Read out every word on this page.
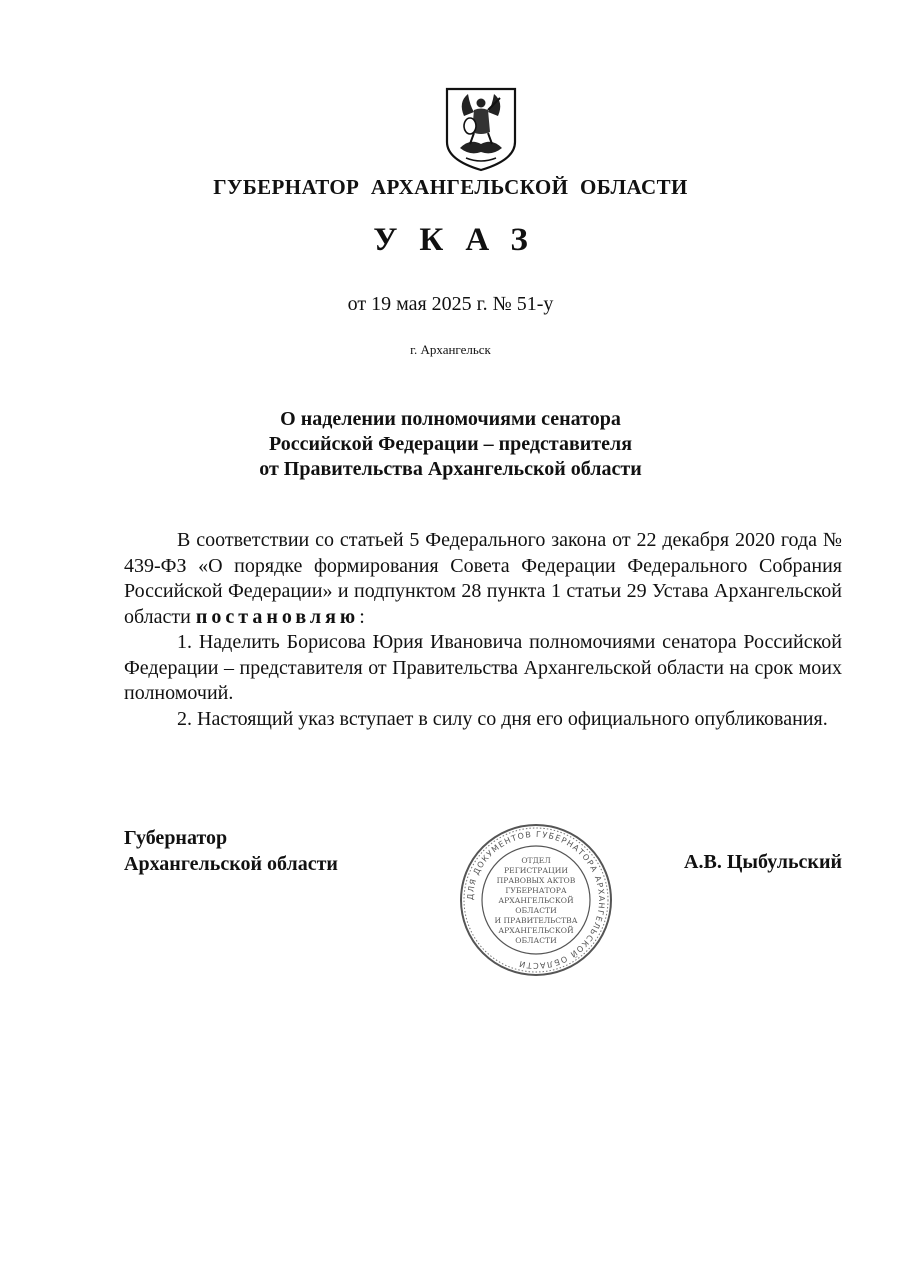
ГУБЕРНАТОР АРХАНГЕЛЬСКОЙ ОБЛАСТИ
УКАЗ
от 19 мая 2025 г. № 51-у
г. Архангельск
О наделении полномочиями сенатора
Российской Федерации – представителя
от Правительства Архангельской области

В соответствии со статьей 5 Федерального закона от 22 декабря 2020 года № 439-ФЗ «О порядке формирования Совета Федерации Федерального Собрания Российской Федерации» и подпунктом 28 пункта 1 статьи 29 Устава Архангельской области постановляю:

1. Наделить Борисова Юрия Ивановича полномочиями сенатора Российской Федерации – представителя от Правительства Архангельской области на срок моих полномочий.

2. Настоящий указ вступает в силу со дня его официального опубликования.

Губернатор
Архангельской области
ДЛЯ ДОКУМЕНТОВ ГУБЕРНАТОРА АРХАНГЕЛЬСКОЙ ОБЛАСТИ
ОТДЕЛ
РЕГИСТРАЦИИ
ПРАВОВЫХ АКТОВ
ГУБЕРНАТОРА
АРХАНГЕЛЬСКОЙ
ОБЛАСТИ
И ПРАВИТЕЛЬСТВА
АРХАНГЕЛЬСКОЙ
ОБЛАСТИ
А.В. Цыбульский
